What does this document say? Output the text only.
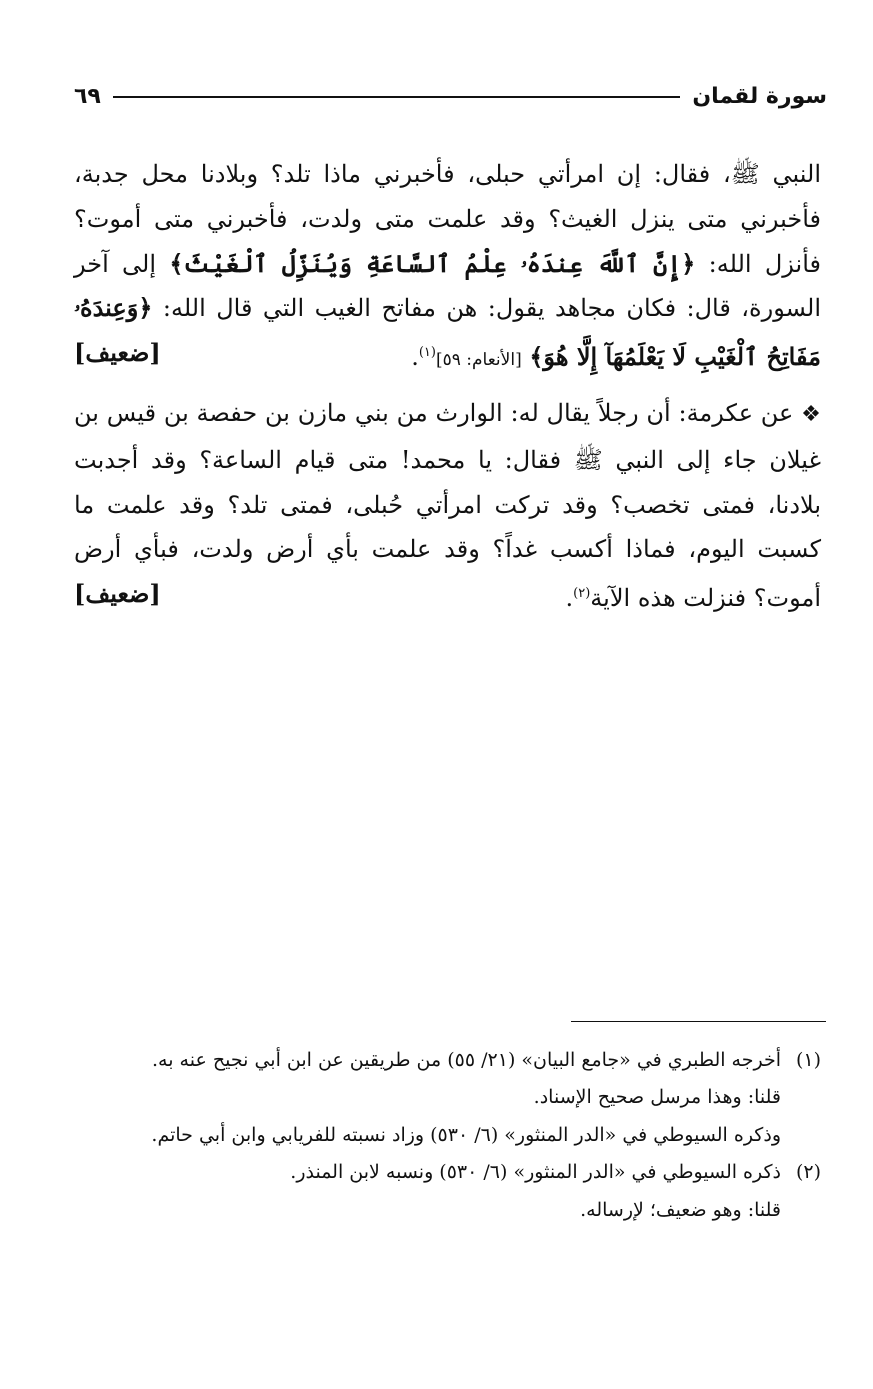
سورة لقمان
٦٩

النبي ﷺ، فقال: إن امرأتي حبلى، فأخبرني ماذا تلد؟ وبلادنا محل جدبة، فأخبرني متى ينزل الغيث؟ وقد علمت متى ولدت، فأخبرني متى أموت؟ فأنزل الله: ﴿إِنَّ ٱللَّهَ عِندَهُۥ عِلْمُ ٱلسَّاعَةِ وَيُنَزِّلُ ٱلْغَيْثَ﴾ إلى آخر السورة، قال: فكان مجاهد يقول: هن مفاتح الغيب التي قال الله: ﴿وَعِندَهُۥ مَفَاتِحُ ٱلْغَيْبِ لَا يَعْلَمُهَآ إِلَّا هُوَ﴾ [الأنعام: ٥٩]$^{(١)}$.
[ضعيف]

❖ عن عكرمة: أن رجلاً يقال له: الوارث من بني مازن بن حفصة بن قيس بن غيلان جاء إلى النبي ﷺ فقال: يا محمد! متى قيام الساعة؟ وقد أجدبت بلادنا، فمتى تخصب؟ وقد تركت امرأتي حُبلى، فمتى تلد؟ وقد علمت ما كسبت اليوم، فماذا أكسب غداً؟ وقد علمت بأي أرض ولدت، فبأي أرض أموت؟ فنزلت هذه الآية$^{(٢)}$.
[ضعيف]

(١)أخرجه الطبري في «جامع البيان» (٢١/ ٥٥) من طريقين عن ابن أبي نجيح عنه به.

قلنا: وهذا مرسل صحيح الإسناد.

وذكره السيوطي في «الدر المنثور» (٦/ ٥٣٠) وزاد نسبته للفريابي وابن أبي حاتم.

(٢)ذكره السيوطي في «الدر المنثور» (٦/ ٥٣٠) ونسبه لابن المنذر.

قلنا: وهو ضعيف؛ لإرساله.
